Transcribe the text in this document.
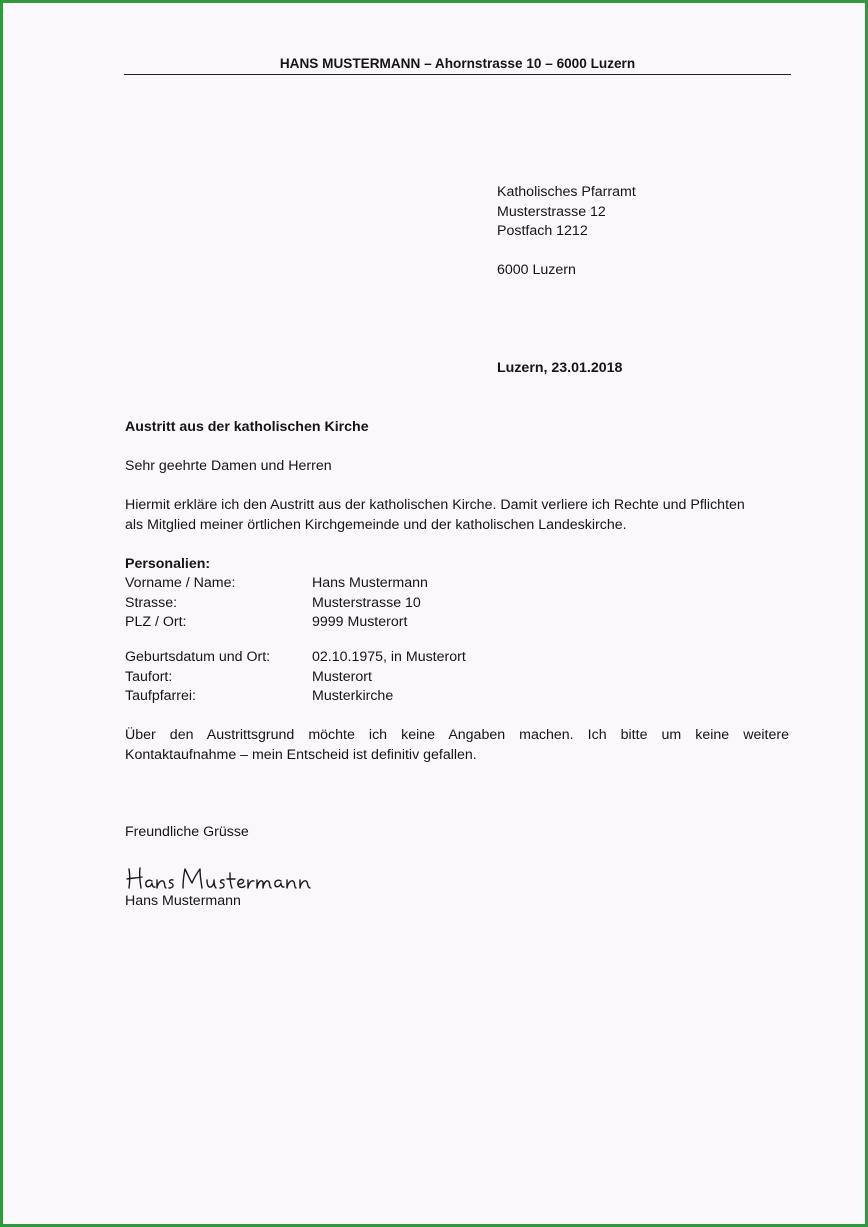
HANS MUSTERMANN – Ahornstrasse 10 – 6000 Luzern
Katholisches Pfarramt
Musterstrasse 12
Postfach 1212
6000 Luzern
Luzern, 23.01.2018
Austritt aus der katholischen Kirche
Sehr geehrte Damen und Herren
Hiermit erkläre ich den Austritt aus der katholischen Kirche. Damit verliere ich Rechte und Pflichten
als Mitglied meiner örtlichen Kirchgemeinde und der katholischen Landeskirche.
Personalien:
Vorname / Name:	Hans Mustermann
Strasse:	Musterstrasse 10
PLZ / Ort:	9999 Musterort
Geburtsdatum und Ort:	02.10.1975, in Musterort
Taufort:	Musterort
Taufpfarrei:	Musterkirche
Über den Austrittsgrund möchte ich keine Angaben machen. Ich bitte um keine weitere
Kontaktaufnahme – mein Entscheid ist definitiv gefallen.
Freundliche Grüsse
Hans Mustermann
